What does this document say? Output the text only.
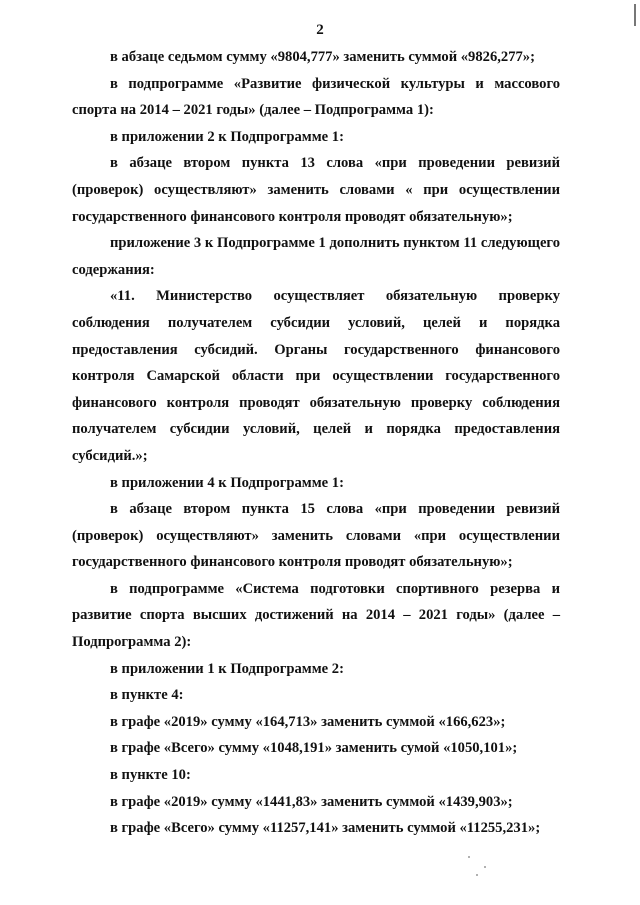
2

в абзаце седьмом сумму «9804,777» заменить суммой «9826,277»;

в подпрограмме «Развитие физической культуры и массового спорта на 2014 – 2021 годы» (далее – Подпрограмма 1):

в приложении 2 к Подпрограмме 1:

в абзаце втором пункта 13 слова «при проведении ревизий (проверок) осуществляют» заменить словами « при осуществлении государственного финансового контроля проводят обязательную»;

приложение 3 к Подпрограмме 1 дополнить пунктом 11 следующего содержания:

«11. Министерство осуществляет обязательную проверку соблюдения получателем субсидии условий, целей и порядка предоставления субсидий. Органы государственного финансового контроля Самарской области при осуществлении государственного финансового контроля проводят обязательную проверку соблюдения получателем субсидии условий, целей и порядка предоставления субсидий.»;

в приложении 4 к Подпрограмме 1:

в абзаце втором пункта 15 слова «при проведении ревизий (проверок) осуществляют» заменить словами «при осуществлении государственного финансового контроля проводят обязательную»;

в подпрограмме «Система подготовки спортивного резерва и развитие спорта высших достижений на 2014 – 2021 годы» (далее – Подпрограмма 2):

в приложении 1 к Подпрограмме 2:

в пункте 4:

в графе «2019» сумму «164,713» заменить суммой «166,623»;

в графе «Всего» сумму «1048,191» заменить сумой «1050,101»;

в пункте 10:

в графе «2019» сумму «1441,83» заменить суммой «1439,903»;

в графе «Всего» сумму «11257,141» заменить суммой «11255,231»;
